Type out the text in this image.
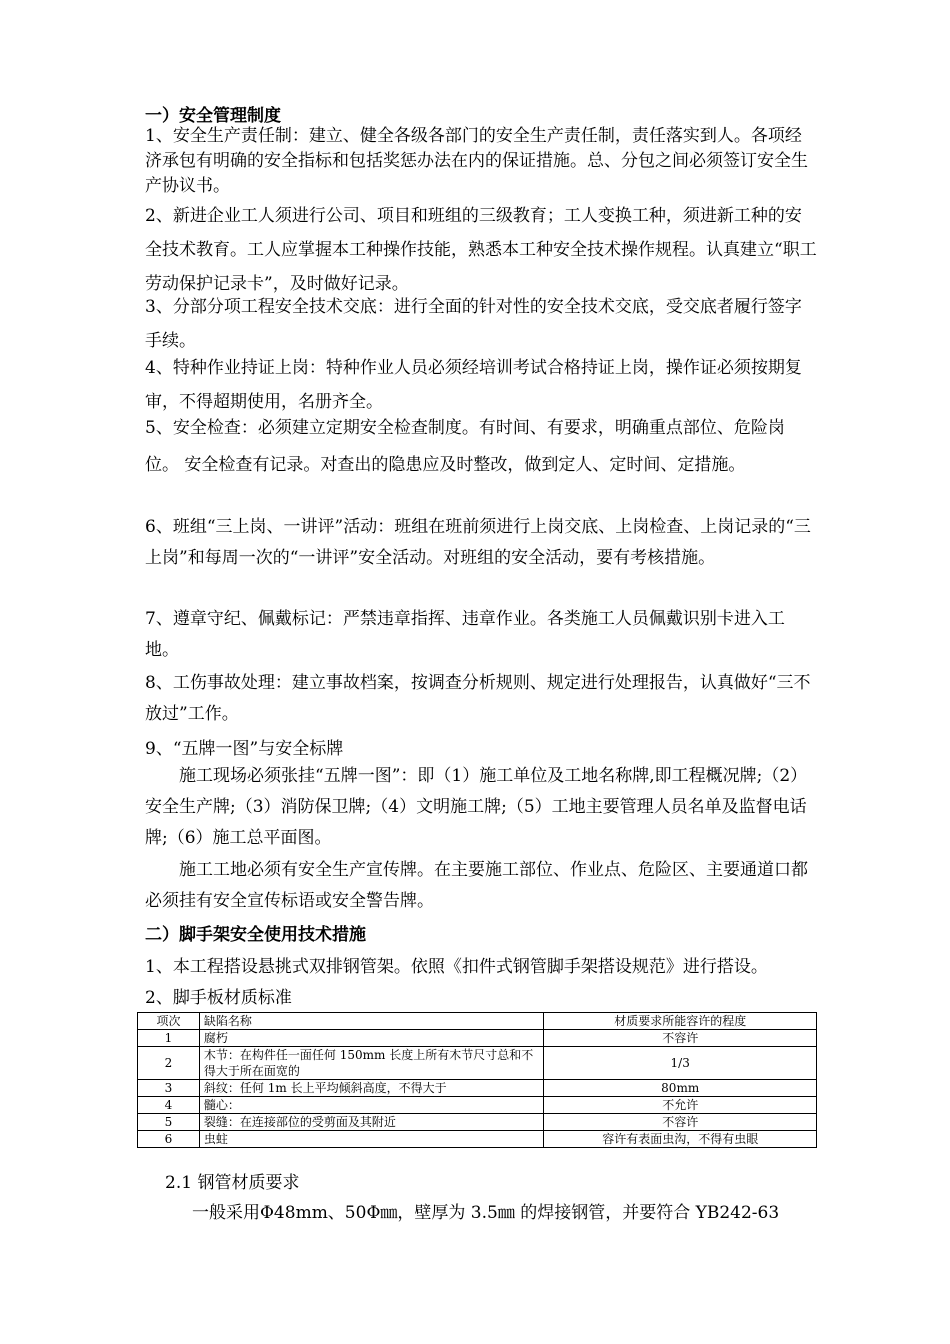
一）安全管理制度

1、安全生产责任制：建立、健全各级各部门的安全生产责任制，责任落实到人。各项经济承包有明确的安全指标和包括奖惩办法在内的保证措施。总、分包之间必须签订安全生产协议书。

2、新进企业工人须进行公司、项目和班组的三级教育；工人变换工种，须进新工种的安全技术教育。工人应掌握本工种操作技能，熟悉本工种安全技术操作规程。认真建立“职工劳动保护记录卡”，及时做好记录。

3、分部分项工程安全技术交底：进行全面的针对性的安全技术交底，受交底者履行签字手续。

4、特种作业持证上岗：特种作业人员必须经培训考试合格持证上岗，操作证必须按期复审，不得超期使用，名册齐全。

5、安全检查：必须建立定期安全检查制度。有时间、有要求，明确重点部位、危险岗位。 安全检查有记录。对查出的隐患应及时整改，做到定人、定时间、定措施。

6、班组“三上岗、一讲评”活动：班组在班前须进行上岗交底、上岗检查、上岗记录的“三上岗”和每周一次的“一讲评”安全活动。对班组的安全活动，要有考核措施。

7、遵章守纪、佩戴标记：严禁违章指挥、违章作业。各类施工人员佩戴识别卡进入工地。

8、工伤事故处理：建立事故档案，按调查分析规则、规定进行处理报告，认真做好“三不放过”工作。

9、“五牌一图”与安全标牌

施工现场必须张挂“五牌一图”：即（1）施工单位及工地名称牌,即工程概况牌;（2）安全生产牌;（3）消防保卫牌;（4）文明施工牌;（5）工地主要管理人员名单及监督电话牌;（6）施工总平面图。

施工工地必须有安全生产宣传牌。在主要施工部位、作业点、危险区、主要通道口都必须挂有安全宣传标语或安全警告牌。

二）脚手架安全使用技术措施
1、本工程搭设悬挑式双排钢管架。依照《扣件式钢管脚手架搭设规范》进行搭设。
2、脚手板材质标准
项次	缺陷名称	材质要求所能容许的程度
1	腐朽	不容许
2	木节：在构件任一面任何 150mm 长度上所有木节尺寸总和不得大于所在面宽的	1/3
3	斜纹：任何 1m 长上平均倾斜高度，不得大于	80mm
4	髓心：	不允许
5	裂缝：在连接部位的受剪面及其附近	不容许
6	虫蛀	容许有表面虫沟，不得有虫眼
2.1 钢管材质要求
一般采用Φ48mm、50Φ㎜，壁厚为 3.5㎜ 的焊接钢管，并要符合 YB242-63
